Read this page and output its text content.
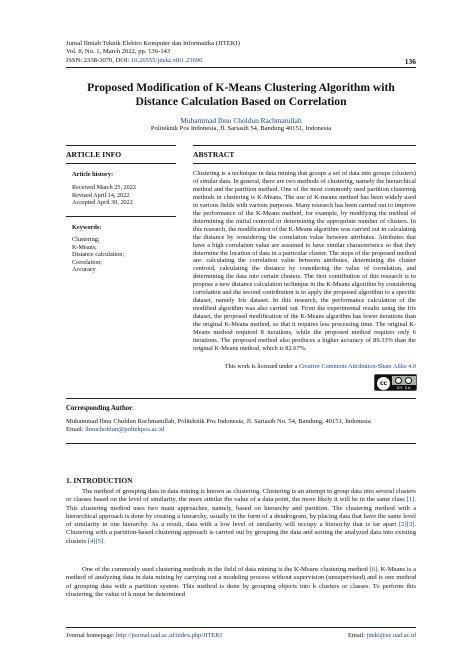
Jurnal Ilmiah Teknik Elektro Komputer dan Informatika (JITEKI)
Vol. 8, No. 1, March 2022, pp. 136-143
ISSN: 2338-3070, DOI: 10.26555/jiteki.v8i1.23696	136
Proposed Modification of K-Means Clustering Algorithm with Distance Calculation Based on Correlation
Muhammad Ibnu Choldun Rachmatullah
Politeknik Pos Indonesia, Jl. Sariasih 54, Bandung 40151, Indonesia
ARTICLE INFO	ABSTRACT
Article history:
Received March 25, 2022
Revised April 14, 2022
Accepted April 30, 2022
Keywords:
Clustering;
K-Means;
Distance calculation;
Correlation;
Accuracy
Clustering is a technique in data mining that groups a set of data into groups (clusters) of similar data. In general, there are two methods of clustering, namely the hierarchical method and the partition method. One of the most commonly used partition clustering methods in clustering is K-Means. The use of K-means method has been widely used in various fields with various purposes. Many research has been carried out to improve the performance of the K-Means method, for example, by modifying the method of determining the initial centroid or determining the appropriate number of clusters. In this research, the modification of the K-Means algorithm was carried out in calculating the distance by considering the correlation value between attributes. Attributes that have a high correlation value are assumed to have similar characteristics so that they determine the location of data in a particular cluster. The steps of the proposed method are: calculating the correlation value between attributes, determining the cluster centroid, calculating the distance by considering the value of correlation, and determining the data into certain clusters. The first contribution of this research is to propose a new distance calculation technique in the K-Means algorithm by considering correlation and the second contribution is to apply the proposed algorithm to a specific dataset, namely Iris dataset. In this research, the performance calculation of the modified algorithm was also carried out. From the experimental results using the Iris dataset, the proposed modification of the K-Means algorithm has fewer iterations than the original K-Means method, so that it requires less processing time. The original K-Means method required 8 iterations, while the proposed method requires only 6 iterations. The proposed method also produces a higher accuracy of 89.33% than the original K-Means method, which is 82.67%.
This work is licensed under a Creative Commons Attribution-Share Alike 4.0
cc
BY SA
Corresponding Author:
Muhammad Ibnu Choldun Rachmatullah, Politeknik Pos Indonesia, Jl. Sariasih No. 54, Bandung, 40151, Indonesia
Email: ibnucholdun@poltekpos.ac.id
1. INTRODUCTION
The method of grouping data in data mining is known as clustering. Clustering is an attempt to group data into several clusters or classes based on the level of similarity, the more similar the value of a data point, the more likely it will be in the same class [1]. This clustering method uses two main approaches, namely, based on hierarchy and partition. The clustering method with a hierarchical approach is done by creating a hierarchy, usually in the form of a dendrogram, by placing data that have the same level of similarity in one hierarchy. As a result, data with a low level of similarity will occupy a hierarchy that is far apart [2][3]. Clustering with a partition-based clustering approach is carried out by grouping the data and sorting the analyzed data into existing clusters [4][5].
One of the commonly used clustering methods in the field of data mining is the K-Means clustering method [6]. K-Means is a method of analyzing data in data mining by carrying out a modeling process without supervision (unsupervised) and is one method of grouping data with a partition system. This method is done by grouping objects into k clusters or classes. To perform this clustering, the value of k must be determined
Journal homepage: http://journal.uad.ac.id/index.php/JITEKI	Email: jiteki@ee.uad.ac.id
